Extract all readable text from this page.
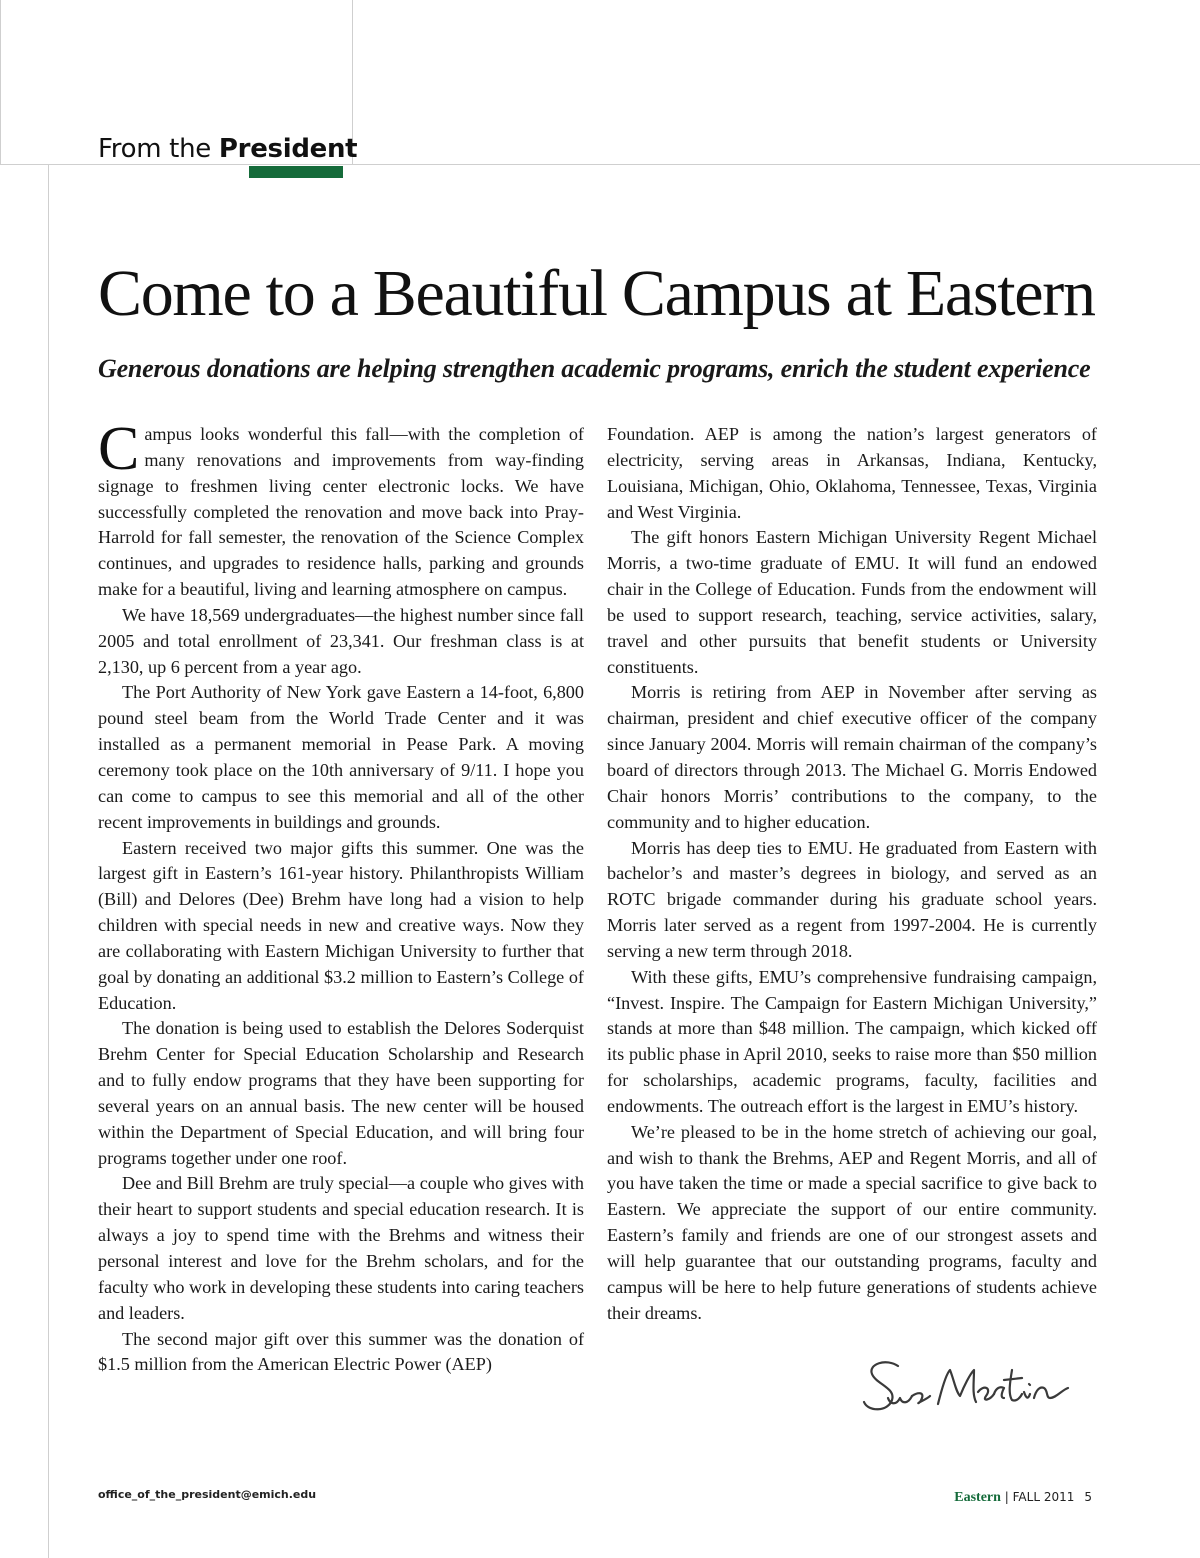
From the President

Come to a Beautiful Campus at Eastern
Generous donations are helping strengthen academic programs, enrich the student experience

Campus looks wonderful this fall—with the completion of many renovations and improvements from way-finding signage to freshmen living center electronic locks. We have successfully completed the renovation and move back into Pray-Harrold for fall semester, the renovation of the Science Complex continues, and upgrades to residence halls, parking and grounds make for a beautiful, living and learning atmosphere on campus.

We have 18,569 undergraduates—the highest number since fall 2005 and total enrollment of 23,341. Our freshman class is at 2,130, up 6 percent from a year ago.

The Port Authority of New York gave Eastern a 14-foot, 6,800 pound steel beam from the World Trade Center and it was installed as a permanent memorial in Pease Park. A moving ceremony took place on the 10th anniversary of 9/11. I hope you can come to campus to see this memorial and all of the other recent improvements in buildings and grounds.

Eastern received two major gifts this summer. One was the largest gift in Eastern’s 161-year history. Philanthropists William (Bill) and Delores (Dee) Brehm have long had a vision to help children with special needs in new and creative ways. Now they are collaborating with Eastern Michigan University to further that goal by donating an additional $3.2 million to Eastern’s College of Education.

The donation is being used to establish the Delores Soderquist Brehm Center for Special Education Scholarship and Research and to fully endow programs that they have been supporting for several years on an annual basis. The new center will be housed within the Department of Special Education, and will bring four programs together under one roof.

Dee and Bill Brehm are truly special—a couple who gives with their heart to support students and special education research. It is always a joy to spend time with the Brehms and witness their personal interest and love for the Brehm scholars, and for the faculty who work in developing these students into caring teachers and leaders.

The second major gift over this summer was the donation of $1.5 million from the American Electric Power (AEP)

Foundation. AEP is among the nation’s largest generators of electricity, serving areas in Arkansas, Indiana, Kentucky, Louisiana, Michigan, Ohio, Oklahoma, Tennessee, Texas, Virginia and West Virginia.

The gift honors Eastern Michigan University Regent Michael Morris, a two-time graduate of EMU. It will fund an endowed chair in the College of Education. Funds from the endowment will be used to support research, teaching, service activities, salary, travel and other pursuits that benefit students or University constituents.

Morris is retiring from AEP in November after serving as chairman, president and chief executive officer of the company since January 2004. Morris will remain chairman of the company’s board of directors through 2013. The Michael G. Morris Endowed Chair honors Morris’ contributions to the company, to the community and to higher education.

Morris has deep ties to EMU. He graduated from Eastern with bachelor’s and master’s degrees in biology, and served as an ROTC brigade commander during his graduate school years. Morris later served as a regent from 1997-2004. He is currently serving a new term through 2018.

With these gifts, EMU’s comprehensive fundraising campaign, “Invest. Inspire. The Campaign for Eastern Michigan University,” stands at more than $48 million. The campaign, which kicked off its public phase in April 2010, seeks to raise more than $50 million for scholarships, academic programs, faculty, facilities and endowments. The outreach effort is the largest in EMU’s history.

We’re pleased to be in the home stretch of achieving our goal, and wish to thank the Brehms, AEP and Regent Morris, and all of you have taken the time or made a special sacrifice to give back to Eastern. We appreciate the support of our entire community. Eastern’s family and friends are one of our strongest assets and will help guarantee that our outstanding programs, faculty and campus will be here to help future generations of students achieve their dreams.

office_of_the_president@emich.edu	Eastern | FALL 2011 5
